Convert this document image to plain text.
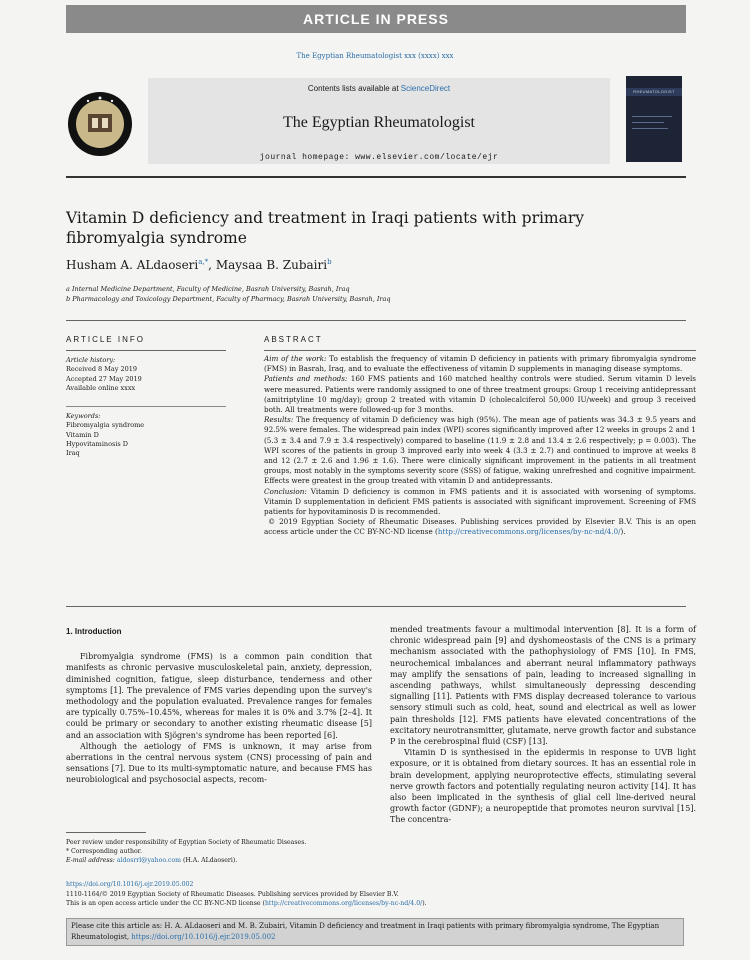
ARTICLE IN PRESS
The Egyptian Rheumatologist xxx (xxxx) xxx
Contents lists available at ScienceDirect
The Egyptian Rheumatologist
journal homepage: www.elsevier.com/locate/ejr
RHEUMATOLOGIST
Vitamin D deficiency and treatment in Iraqi patients with primary fibromyalgia syndrome
Husham A. ALdaoseri$^{a,*}$, Maysaa B. Zubairi$^b$
a Internal Medicine Department, Faculty of Medicine, Basrah University, Basrah, Iraq
b Pharmacology and Toxicology Department, Faculty of Pharmacy, Basrah University, Basrah, Iraq
ARTICLE INFO	ABSTRACT
Article history:
Received 8 May 2019
Accepted 27 May 2019
Available online xxxx
Keywords:
Fibromyalgia syndrome
Vitamin D
Hypovitaminosis D
Iraq
Aim of the work: To establish the frequency of vitamin D deficiency in patients with primary fibromyalgia syndrome (FMS) in Basrah, Iraq, and to evaluate the effectiveness of vitamin D supplements in managing disease symptoms.
Patients and methods: 160 FMS patients and 160 matched healthy controls were studied. Serum vitamin D levels were measured. Patients were randomly assigned to one of three treatment groups: Group 1 receiving antidepressant (amitriptyline 10 mg/day); group 2 treated with vitamin D (cholecalciferol 50,000 IU/week) and group 3 received both. All treatments were followed-up for 3 months.
Results: The frequency of vitamin D deficiency was high (95%). The mean age of patients was 34.3 ± 9.5 years and 92.5% were females. The widespread pain index (WPI) scores significantly improved after 12 weeks in groups 2 and 1 (5.3 ± 3.4 and 7.9 ± 3.4 respectively) compared to baseline (11.9 ± 2.8 and 13.4 ± 2.6 respectively; p = 0.003). The WPI scores of the patients in group 3 improved early into week 4 (3.3 ± 2.7) and continued to improve at weeks 8 and 12 (2.7 ± 2.6 and 1.96 ± 1.6). There were clinically significant improvement in the patients in all treatment groups, most notably in the symptoms severity score (SSS) of fatigue, waking unrefreshed and cognitive impairment. Effects were greatest in the group treated with vitamin D and antidepressants.
Conclusion: Vitamin D deficiency is common in FMS patients and it is associated with worsening of symptoms. Vitamin D supplementation in deficient FMS patients is associated with significant improvement. Screening of FMS patients for hypovitaminosis D is recommended.
© 2019 Egyptian Society of Rheumatic Diseases. Publishing services provided by Elsevier B.V. This is an open access article under the CC BY-NC-ND license (http://creativecommons.org/licenses/by-nc-nd/4.0/).
1. Introduction

Fibromyalgia syndrome (FMS) is a common pain condition that manifests as chronic pervasive musculoskeletal pain, anxiety, depression, diminished cognition, fatigue, sleep disturbance, tenderness and other symptoms [1]. The prevalence of FMS varies depending upon the survey's methodology and the population evaluated. Prevalence ranges for females are typically 0.75%–10.45%, whereas for males it is 0% and 3.7% [2–4]. It could be primary or secondary to another existing rheumatic disease [5] and an association with Sjögren's syndrome has been reported [6].

Although the aetiology of FMS is unknown, it may arise from aberrations in the central nervous system (CNS) processing of pain and sensations [7]. Due to its multi-symptomatic nature, and because FMS has neurobiological and psychosocial aspects, recom-

mended treatments favour a multimodal intervention [8]. It is a form of chronic widespread pain [9] and dyshomeostasis of the CNS is a primary mechanism associated with the pathophysiology of FMS [10]. In FMS, neurochemical imbalances and aberrant neural inflammatory pathways may amplify the sensations of pain, leading to increased signalling in ascending pathways, whilst simultaneously depressing descending signalling [11]. Patients with FMS display decreased tolerance to various sensory stimuli such as cold, heat, sound and electrical as well as lower pain thresholds [12]. FMS patients have elevated concentrations of the excitatory neurotransmitter, glutamate, nerve growth factor and substance P in the cerebrospinal fluid (CSF) [13].

Vitamin D is synthesised in the epidermis in response to UVB light exposure, or it is obtained from dietary sources. It has an essential role in brain development, applying neuroprotective effects, stimulating several nerve growth factors and potentially regulating neuron activity [14]. It has also been implicated in the synthesis of glial cell line-derived neural growth factor (GDNF); a neuropeptide that promotes neuron survival [15]. The concentra-

Peer review under responsibility of Egyptian Society of Rheumatic Diseases.
* Corresponding author.
E-mail address: aldosrrl@yahoo.com (H.A. ALdaoseri).
https://doi.org/10.1016/j.ejr.2019.05.002
1110-1164/© 2019 Egyptian Society of Rheumatic Diseases. Publishing services provided by Elsevier B.V.
This is an open access article under the CC BY-NC-ND license (http://creativecommons.org/licenses/by-nc-nd/4.0/).
Please cite this article as: H. A. ALdaoseri and M. B. Zubairi, Vitamin D deficiency and treatment in Iraqi patients with primary fibromyalgia syndrome, The Egyptian Rheumatologist, https://doi.org/10.1016/j.ejr.2019.05.002
